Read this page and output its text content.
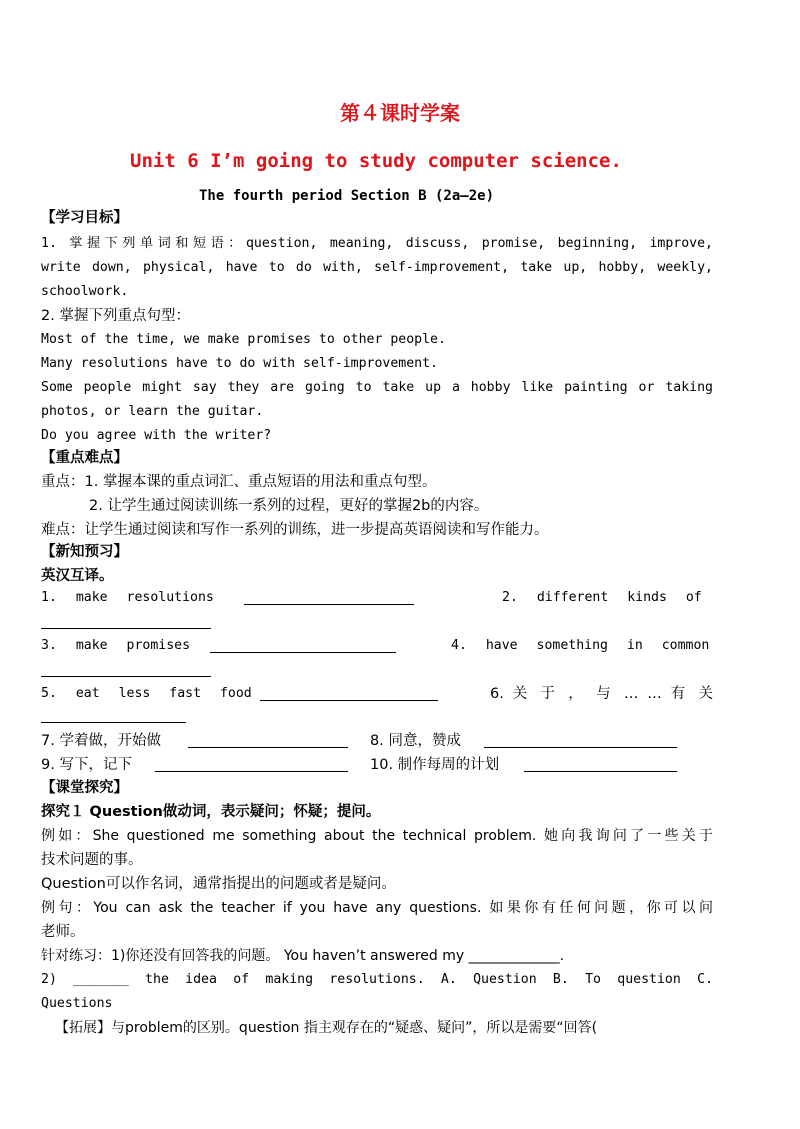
第４课时学案
Unit 6 I’m going to study computer science.
The fourth period Section B (2a—2e)
【学习目标】
1. 掌握下列单词和短语：question, meaning, discuss, promise, beginning, improve,
write down, physical, have to do with, self-improvement, take up, hobby, weekly,
schoolwork.
2. 掌握下列重点句型：
Most of the time, we make promises to other people.
Many resolutions have to do with self-improvement.
Some people might say they are going to take up a hobby like painting or taking
photos, or learn the guitar.
Do you agree with the writer?
【重点难点】
重点：1. 掌握本课的重点词汇、重点短语的用法和重点句型。
2. 让学生通过阅读训练一系列的过程，更好的掌握2b的内容。
难点：让学生通过阅读和写作一系列的训练，进一步提高英语阅读和写作能力。
【新知预习】
英汉互译。
1. make resolutions	2. different kinds of
3. make promises	4. have something in common
5. eat less fast food	6. 关 于 ， 与 … … 有 关
7. 学着做，开始做	8. 同意，赞成
9. 写下，记下	10. 制作每周的计划
【课堂探究】
探究１ Question做动词，表示疑问；怀疑；提问。
例如：She questioned me something about the technical problem. 她向我询问了一些关于
技术问题的事。
Question可以作名词，通常指提出的问题或者是疑问。
例句：You can ask the teacher if you have any questions. 如果你有任何问题，你可以问
老师。
针对练习：1)你还没有回答我的问题。 You haven’t answered my _____________.
2) _______ the idea of making resolutions. A. Question B. To question C.
Questions
【拓展】与problem的区别。question 指主观存在的“疑惑、疑问”，所以是需要“回答(
